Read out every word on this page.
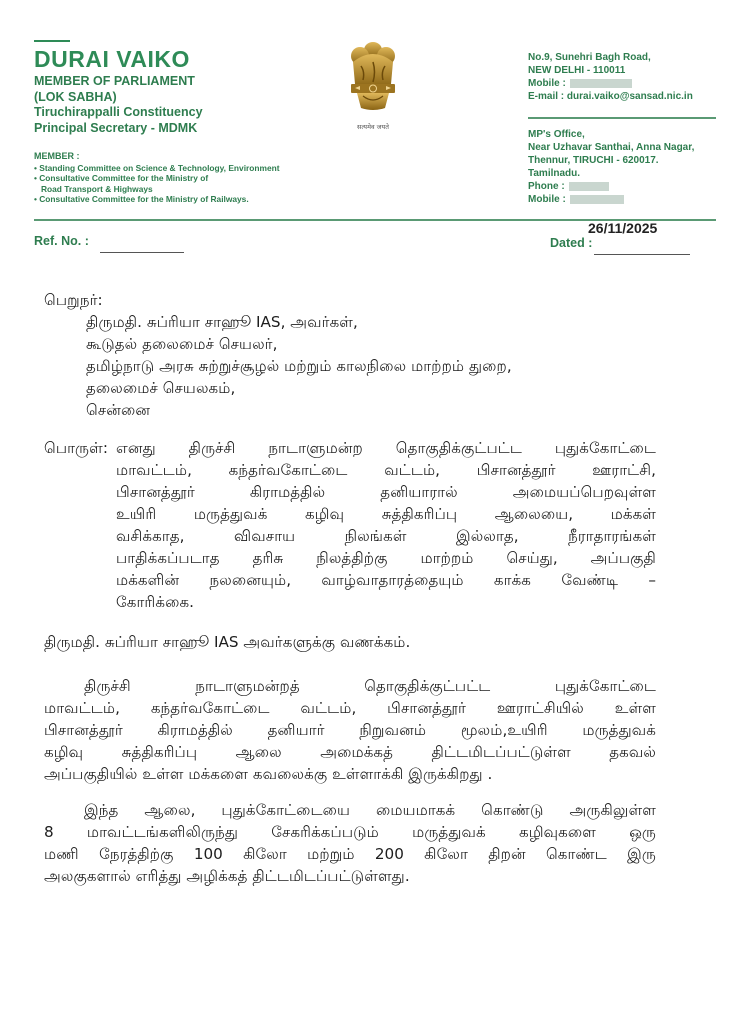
DURAI VAIKO
MEMBER OF PARLIAMENT
(LOK SABHA)
Tiruchirappalli Constituency
Principal Secretary - MDMK
MEMBER :
• Standing Committee on Science & Technology, Environment
• Consultative Committee for the Ministry of
Road Transport & Highways
• Consultative Committee for the Ministry of Railways.
सत्यमेव जयते
No.9, Sunehri Bagh Road,
NEW DELHI - 110011
Mobile :
E-mail : durai.vaiko@sansad.nic.in
MP's Office,
Near Uzhavar Santhai, Anna Nagar,
Thennur, TIRUCHI - 620017.
Tamilnadu.
Phone :
Mobile :
Ref. No. :
26/11/2025
Dated :
பெறுநர்:
திருமதி. சுப்ரியா சாஹூ IAS, அவர்கள்,
கூடுதல் தலைமைச் செயலர்,
தமிழ்நாடு அரசு சுற்றுச்சூழல் மற்றும் காலநிலை மாற்றம் துறை,
தலைமைச் செயலகம்,
சென்னை
பொருள்: எனது திருச்சி நாடாளுமன்ற தொகுதிக்குட்பட்ட புதுக்கோட்டை
மாவட்டம், கந்தர்வகோட்டை வட்டம், பிசானத்தூர் ஊராட்சி,
பிசானத்தூர் கிராமத்தில் தனியாரால் அமையப்பெறவுள்ள
உயிரி மருத்துவக் கழிவு சுத்திகரிப்பு ஆலையை, மக்கள்
வசிக்காத, விவசாய நிலங்கள் இல்லாத, நீராதாரங்கள்
பாதிக்கப்படாத தரிசு நிலத்திற்கு மாற்றம் செய்து, அப்பகுதி
மக்களின் நலனையும், வாழ்வாதாரத்தையும் காக்க வேண்டி –
கோரிக்கை.
திருமதி. சுப்ரியா சாஹூ IAS அவர்களுக்கு வணக்கம்.
திருச்சி நாடாளுமன்றத் தொகுதிக்குட்பட்ட புதுக்கோட்டை
மாவட்டம், கந்தர்வகோட்டை வட்டம், பிசானத்தூர் ஊராட்சியில் உள்ள
பிசானத்தூர் கிராமத்தில் தனியார் நிறுவனம் மூலம்,உயிரி மருத்துவக்
கழிவு சுத்திகரிப்பு ஆலை அமைக்கத் திட்டமிடப்பட்டுள்ள தகவல்
அப்பகுதியில் உள்ள மக்களை கவலைக்கு உள்ளாக்கி இருக்கிறது .
இந்த ஆலை, புதுக்கோட்டையை மையமாகக் கொண்டு அருகிலுள்ள
8 மாவட்டங்களிலிருந்து சேகரிக்கப்படும் மருத்துவக் கழிவுகளை ஒரு
மணி நேரத்திற்கு 100 கிலோ மற்றும் 200 கிலோ திறன் கொண்ட இரு
அலகுகளால் எரித்து அழிக்கத் திட்டமிடப்பட்டுள்ளது.
